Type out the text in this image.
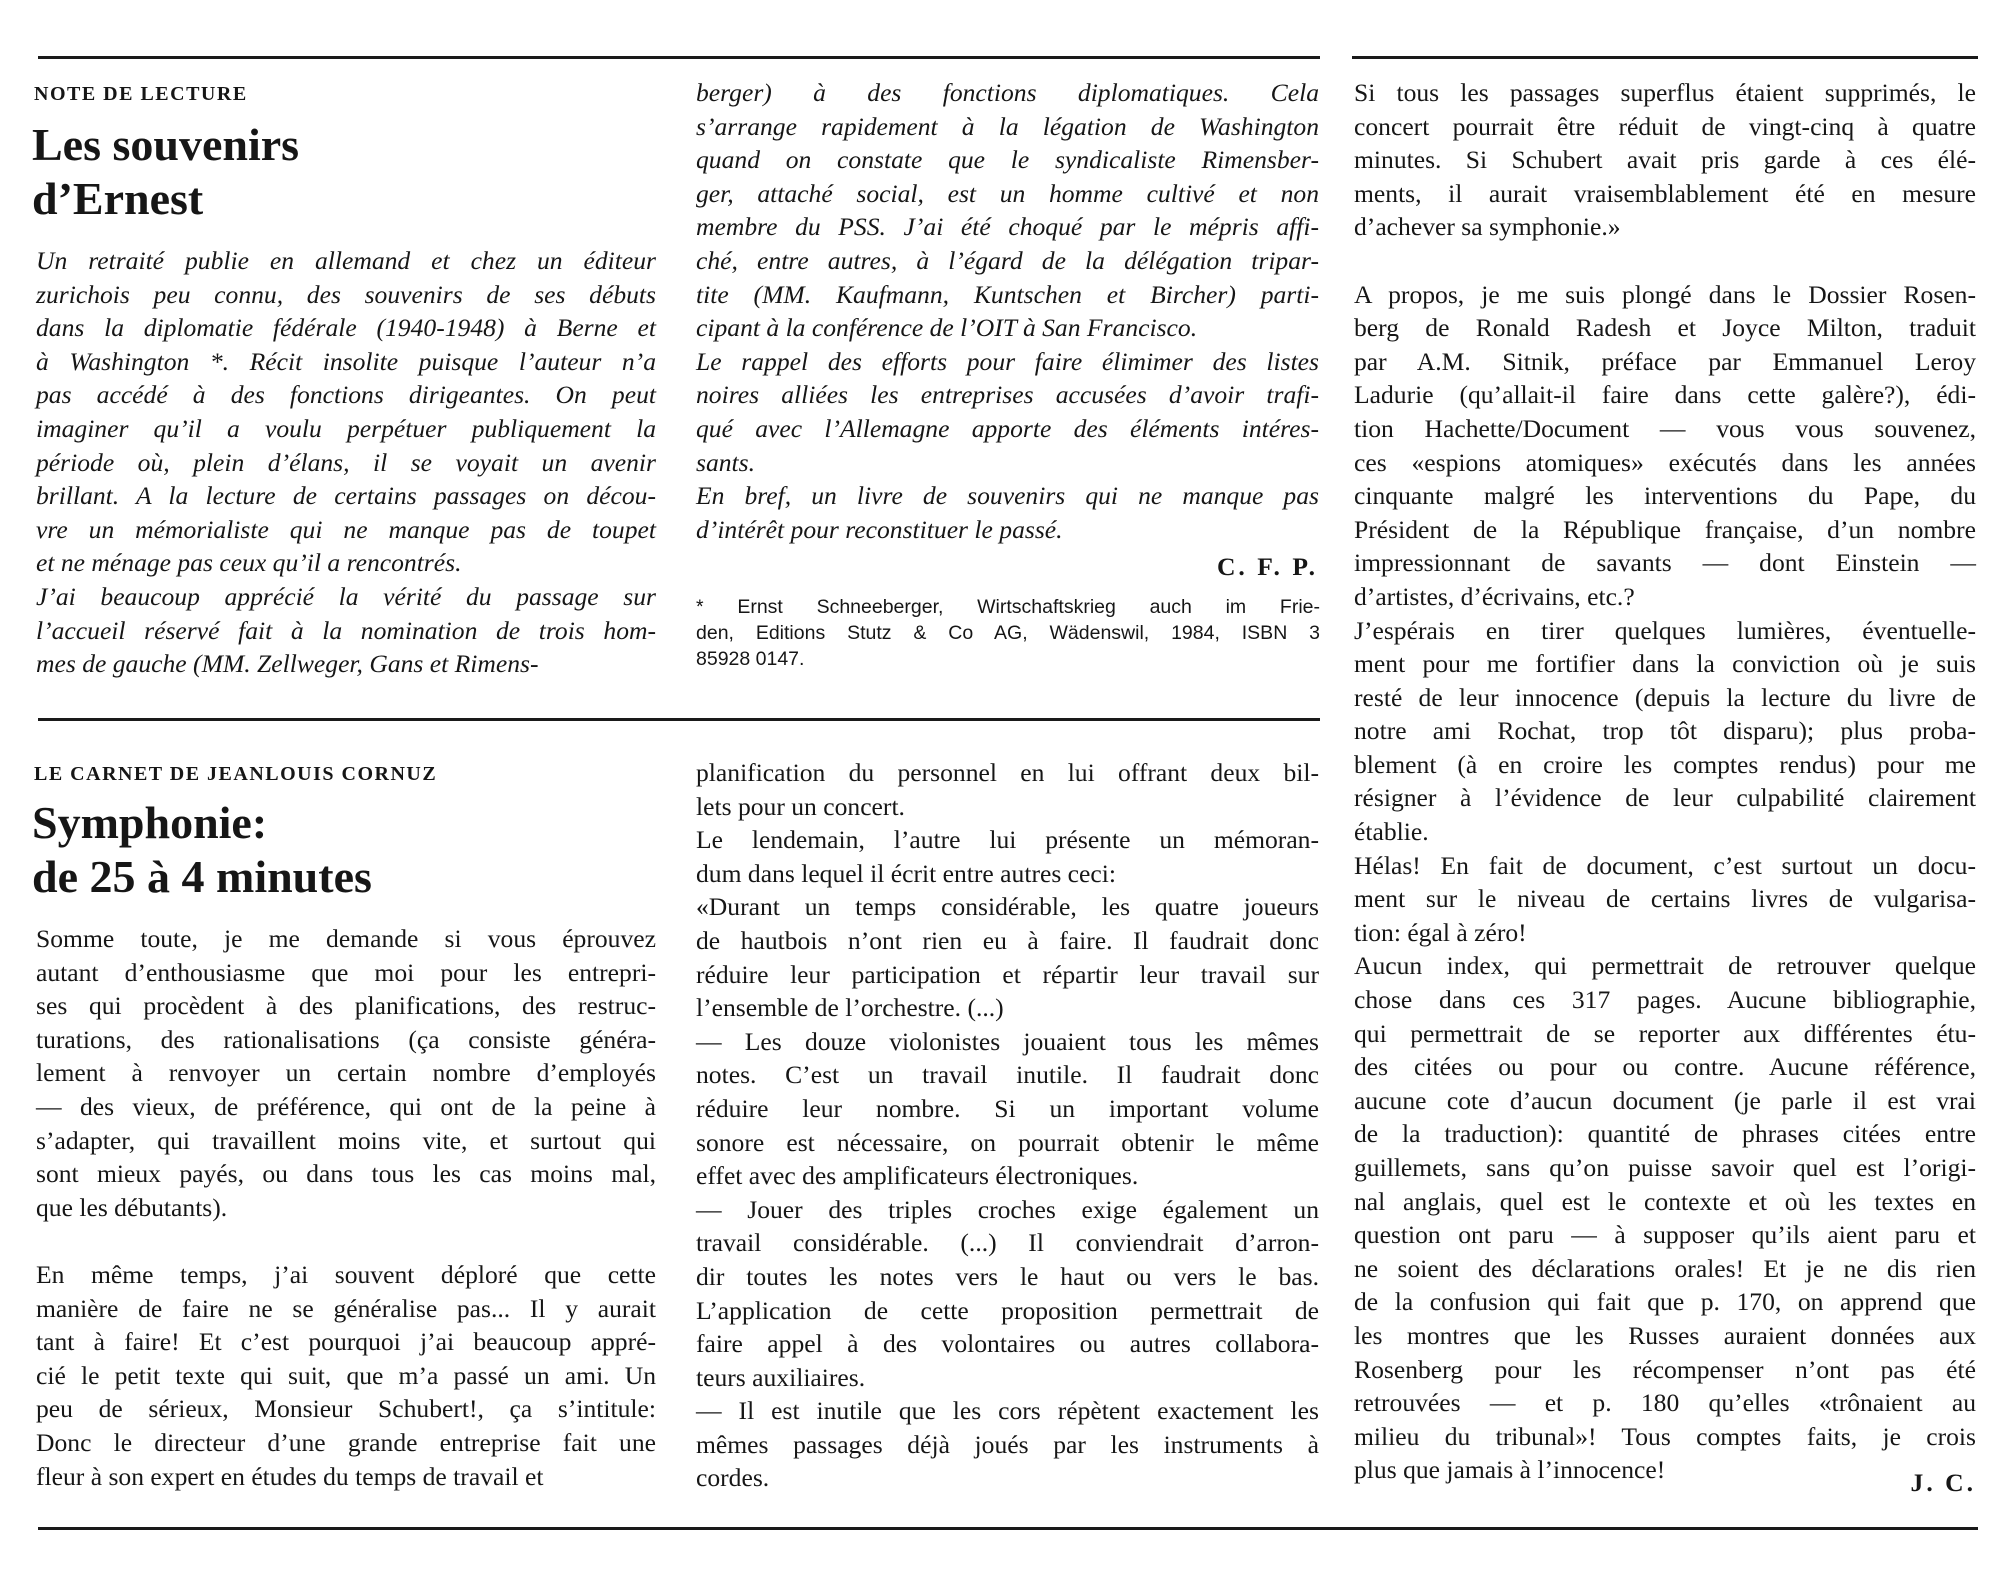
NOTE DE LECTURE
Les souvenirs
d’Ernest

Un retraité publie en allemand et chez un éditeur

zurichois peu connu, des souvenirs de ses débuts

dans la diplomatie fédérale (1940-1948) à Berne et

à Washington *. Récit insolite puisque l’auteur n’a

pas accédé à des fonctions dirigeantes. On peut

imaginer qu’il a voulu perpétuer publiquement la

période où, plein d’élans, il se voyait un avenir

brillant. A la lecture de certains passages on décou-

vre un mémorialiste qui ne manque pas de toupet

et ne ménage pas ceux qu’il a rencontrés.

J’ai beaucoup apprécié la vérité du passage sur

l’accueil réservé fait à la nomination de trois hom-

mes de gauche (MM. Zellweger, Gans et Rimens-

berger) à des fonctions diplomatiques. Cela

s’arrange rapidement à la légation de Washington

quand on constate que le syndicaliste Rimensber-

ger, attaché social, est un homme cultivé et non

membre du PSS. J’ai été choqué par le mépris affi-

ché, entre autres, à l’égard de la délégation tripar-

tite (MM. Kaufmann, Kuntschen et Bircher) parti-

cipant à la conférence de l’OIT à San Francisco.

Le rappel des efforts pour faire élimimer des listes

noires alliées les entreprises accusées d’avoir trafi-

qué avec l’Allemagne apporte des éléments intéres-

sants.

En bref, un livre de souvenirs qui ne manque pas

d’intérêt pour reconstituer le passé.

C. F. P.

* Ernst Schneeberger, Wirtschaftskrieg auch im Frie-

den, Editions Stutz & Co AG, Wädenswil, 1984, ISBN 3

85928 0147.

LE CARNET DE JEANLOUIS CORNUZ
Symphonie:
de 25 à 4 minutes

Somme toute, je me demande si vous éprouvez

autant d’enthousiasme que moi pour les entrepri-

ses qui procèdent à des planifications, des restruc-

turations, des rationalisations (ça consiste généra-

lement à renvoyer un certain nombre d’employés

— des vieux, de préférence, qui ont de la peine à

s’adapter, qui travaillent moins vite, et surtout qui

sont mieux payés, ou dans tous les cas moins mal,

que les débutants).

En même temps, j’ai souvent déploré que cette

manière de faire ne se généralise pas... Il y aurait

tant à faire! Et c’est pourquoi j’ai beaucoup appré-

cié le petit texte qui suit, que m’a passé un ami. Un

peu de sérieux, Monsieur Schubert!, ça s’intitule:

Donc le directeur d’une grande entreprise fait une

fleur à son expert en études du temps de travail et

planification du personnel en lui offrant deux bil-

lets pour un concert.

Le lendemain, l’autre lui présente un mémoran-

dum dans lequel il écrit entre autres ceci:

«Durant un temps considérable, les quatre joueurs

de hautbois n’ont rien eu à faire. Il faudrait donc

réduire leur participation et répartir leur travail sur

l’ensemble de l’orchestre. (...)

— Les douze violonistes jouaient tous les mêmes

notes. C’est un travail inutile. Il faudrait donc

réduire leur nombre. Si un important volume

sonore est nécessaire, on pourrait obtenir le même

effet avec des amplificateurs électroniques.

— Jouer des triples croches exige également un

travail considérable. (...) Il conviendrait d’arron-

dir toutes les notes vers le haut ou vers le bas.

L’application de cette proposition permettrait de

faire appel à des volontaires ou autres collabora-

teurs auxiliaires.

— Il est inutile que les cors répètent exactement les

mêmes passages déjà joués par les instruments à

cordes.

Si tous les passages superflus étaient supprimés, le

concert pourrait être réduit de vingt-cinq à quatre

minutes. Si Schubert avait pris garde à ces élé-

ments, il aurait vraisemblablement été en mesure

d’achever sa symphonie.»

A propos, je me suis plongé dans le Dossier Rosen-

berg de Ronald Radesh et Joyce Milton, traduit

par A.M. Sitnik, préface par Emmanuel Leroy

Ladurie (qu’allait-il faire dans cette galère?), édi-

tion Hachette/Document — vous vous souvenez,

ces «espions atomiques» exécutés dans les années

cinquante malgré les interventions du Pape, du

Président de la République française, d’un nombre

impressionnant de savants — dont Einstein —

d’artistes, d’écrivains, etc.?

J’espérais en tirer quelques lumières, éventuelle-

ment pour me fortifier dans la conviction où je suis

resté de leur innocence (depuis la lecture du livre de

notre ami Rochat, trop tôt disparu); plus proba-

blement (à en croire les comptes rendus) pour me

résigner à l’évidence de leur culpabilité clairement

établie.

Hélas! En fait de document, c’est surtout un docu-

ment sur le niveau de certains livres de vulgarisa-

tion: égal à zéro!

Aucun index, qui permettrait de retrouver quelque

chose dans ces 317 pages. Aucune bibliographie,

qui permettrait de se reporter aux différentes étu-

des citées ou pour ou contre. Aucune référence,

aucune cote d’aucun document (je parle il est vrai

de la traduction): quantité de phrases citées entre

guillemets, sans qu’on puisse savoir quel est l’origi-

nal anglais, quel est le contexte et où les textes en

question ont paru — à supposer qu’ils aient paru et

ne soient des déclarations orales! Et je ne dis rien

de la confusion qui fait que p. 170, on apprend que

les montres que les Russes auraient données aux

Rosenberg pour les récompenser n’ont pas été

retrouvées — et p. 180 qu’elles «trônaient au

milieu du tribunal»! Tous comptes faits, je crois

plus que jamais à l’innocence!	J. C.
